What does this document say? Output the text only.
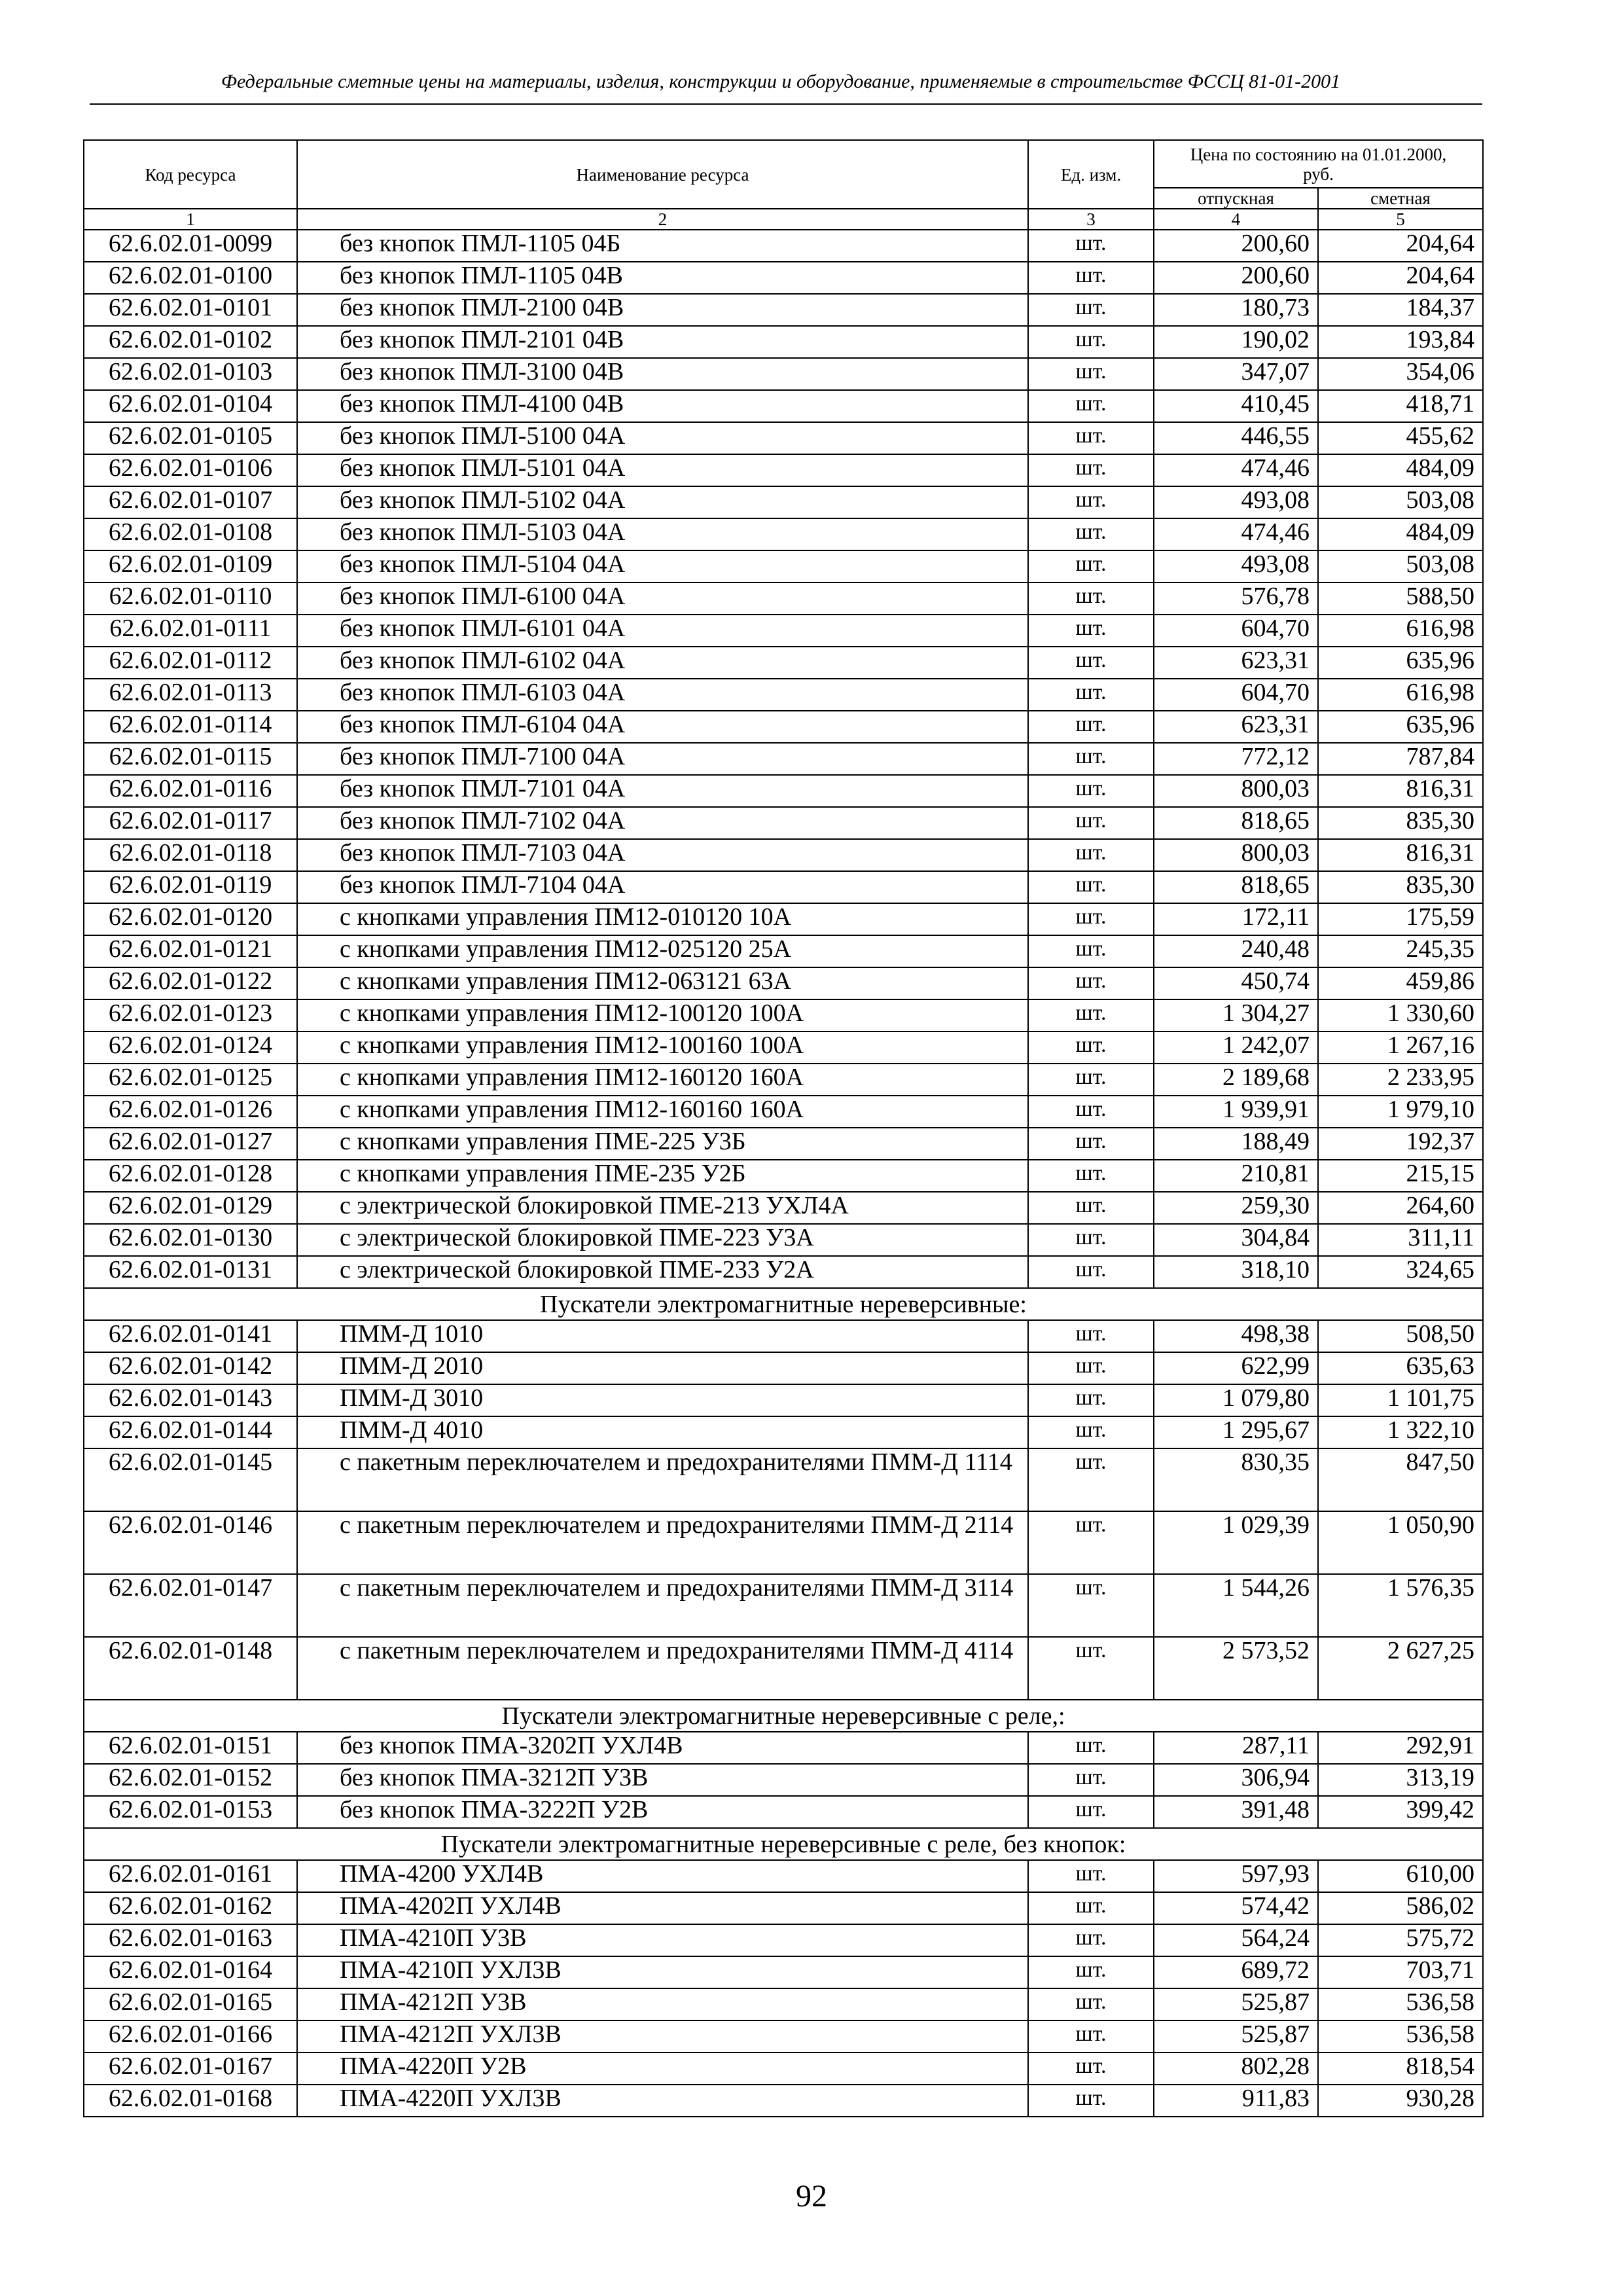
Федеральные сметные цены на материалы, изделия, конструкции и оборудование, применяемые в строительстве ФССЦ 81-01-2001
Код ресурса	Наименование ресурса	Ед. изм.	Цена по состоянию на 01.01.2000, руб.	
			отпускная	сметная
1	2	3	4	5
62.6.02.01-0099	без кнопок ПМЛ-1105 04Б	шт.	200,60	204,64
62.6.02.01-0100	без кнопок ПМЛ-1105 04В	шт.	200,60	204,64
62.6.02.01-0101	без кнопок ПМЛ-2100 04В	шт.	180,73	184,37
62.6.02.01-0102	без кнопок ПМЛ-2101 04В	шт.	190,02	193,84
62.6.02.01-0103	без кнопок ПМЛ-3100 04В	шт.	347,07	354,06
62.6.02.01-0104	без кнопок ПМЛ-4100 04В	шт.	410,45	418,71
62.6.02.01-0105	без кнопок ПМЛ-5100 04А	шт.	446,55	455,62
62.6.02.01-0106	без кнопок ПМЛ-5101 04А	шт.	474,46	484,09
62.6.02.01-0107	без кнопок ПМЛ-5102 04А	шт.	493,08	503,08
62.6.02.01-0108	без кнопок ПМЛ-5103 04А	шт.	474,46	484,09
62.6.02.01-0109	без кнопок ПМЛ-5104 04А	шт.	493,08	503,08
62.6.02.01-0110	без кнопок ПМЛ-6100 04А	шт.	576,78	588,50
62.6.02.01-0111	без кнопок ПМЛ-6101 04А	шт.	604,70	616,98
62.6.02.01-0112	без кнопок ПМЛ-6102 04А	шт.	623,31	635,96
62.6.02.01-0113	без кнопок ПМЛ-6103 04А	шт.	604,70	616,98
62.6.02.01-0114	без кнопок ПМЛ-6104 04А	шт.	623,31	635,96
62.6.02.01-0115	без кнопок ПМЛ-7100 04А	шт.	772,12	787,84
62.6.02.01-0116	без кнопок ПМЛ-7101 04А	шт.	800,03	816,31
62.6.02.01-0117	без кнопок ПМЛ-7102 04А	шт.	818,65	835,30
62.6.02.01-0118	без кнопок ПМЛ-7103 04А	шт.	800,03	816,31
62.6.02.01-0119	без кнопок ПМЛ-7104 04А	шт.	818,65	835,30
62.6.02.01-0120	с кнопками управления ПМ12-010120 10А	шт.	172,11	175,59
62.6.02.01-0121	с кнопками управления ПМ12-025120 25А	шт.	240,48	245,35
62.6.02.01-0122	с кнопками управления ПМ12-063121 63А	шт.	450,74	459,86
62.6.02.01-0123	с кнопками управления ПМ12-100120 100А	шт.	1 304,27	1 330,60
62.6.02.01-0124	с кнопками управления ПМ12-100160 100А	шт.	1 242,07	1 267,16
62.6.02.01-0125	с кнопками управления ПМ12-160120 160А	шт.	2 189,68	2 233,95
62.6.02.01-0126	с кнопками управления ПМ12-160160 160А	шт.	1 939,91	1 979,10
62.6.02.01-0127	с кнопками управления ПМЕ-225 У3Б	шт.	188,49	192,37
62.6.02.01-0128	с кнопками управления ПМЕ-235 У2Б	шт.	210,81	215,15
62.6.02.01-0129	с электрической блокировкой ПМЕ-213 УХЛ4А	шт.	259,30	264,60
62.6.02.01-0130	с электрической блокировкой ПМЕ-223 У3А	шт.	304,84	311,11
62.6.02.01-0131	с электрической блокировкой ПМЕ-233 У2А	шт.	318,10	324,65
Пускатели электромагнитные нереверсивные:				
62.6.02.01-0141	ПММ-Д 1010	шт.	498,38	508,50
62.6.02.01-0142	ПММ-Д 2010	шт.	622,99	635,63
62.6.02.01-0143	ПММ-Д 3010	шт.	1 079,80	1 101,75
62.6.02.01-0144	ПММ-Д 4010	шт.	1 295,67	1 322,10
62.6.02.01-0145	с пакетным переключателем и предохранителями ПММ-Д 1114	шт.	830,35	847,50
62.6.02.01-0146	с пакетным переключателем и предохранителями ПММ-Д 2114	шт.	1 029,39	1 050,90
62.6.02.01-0147	с пакетным переключателем и предохранителями ПММ-Д 3114	шт.	1 544,26	1 576,35
62.6.02.01-0148	с пакетным переключателем и предохранителями ПММ-Д 4114	шт.	2 573,52	2 627,25
Пускатели электромагнитные нереверсивные с реле,:				
62.6.02.01-0151	без кнопок ПМА-3202П УХЛ4В	шт.	287,11	292,91
62.6.02.01-0152	без кнопок ПМА-3212П У3В	шт.	306,94	313,19
62.6.02.01-0153	без кнопок ПМА-3222П У2В	шт.	391,48	399,42
Пускатели электромагнитные нереверсивные с реле, без кнопок:				
62.6.02.01-0161	ПМА-4200 УХЛ4В	шт.	597,93	610,00
62.6.02.01-0162	ПМА-4202П УХЛ4В	шт.	574,42	586,02
62.6.02.01-0163	ПМА-4210П У3В	шт.	564,24	575,72
62.6.02.01-0164	ПМА-4210П УХЛ3В	шт.	689,72	703,71
62.6.02.01-0165	ПМА-4212П У3В	шт.	525,87	536,58
62.6.02.01-0166	ПМА-4212П УХЛ3В	шт.	525,87	536,58
62.6.02.01-0167	ПМА-4220П У2В	шт.	802,28	818,54
62.6.02.01-0168	ПМА-4220П УХЛ3В	шт.	911,83	930,28
92
